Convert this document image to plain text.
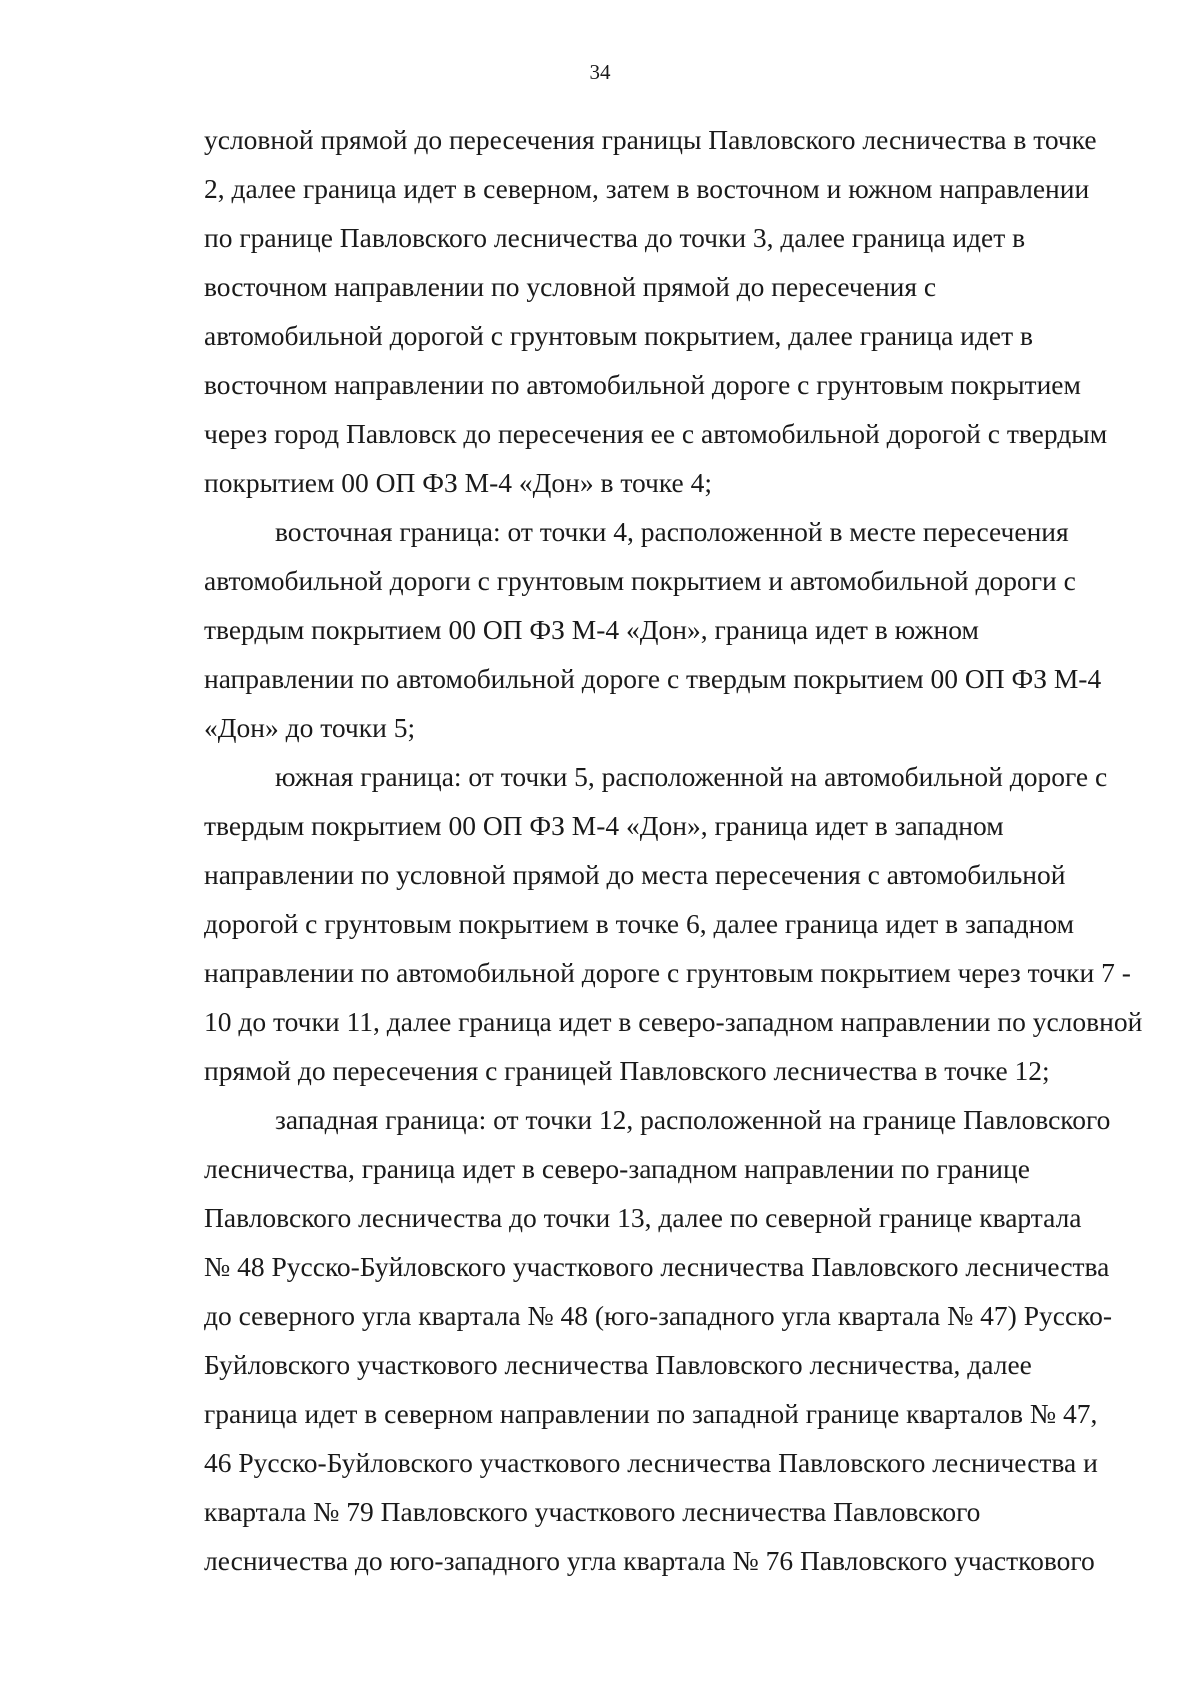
34

условной прямой до пересечения границы Павловского лесничества в точке
2, далее граница идет в северном, затем в восточном и южном направлении
по границе Павловского лесничества до точки 3, далее граница идет в
восточном направлении по условной прямой до пересечения с
автомобильной дорогой с грунтовым покрытием, далее граница идет в
восточном направлении по автомобильной дороге с грунтовым покрытием
через город Павловск до пересечения ее с автомобильной дорогой с твердым
покрытием 00 ОП ФЗ М-4 «Дон» в точке 4;

восточная граница: от точки 4, расположенной в месте пересечения
автомобильной дороги с грунтовым покрытием и автомобильной дороги с
твердым покрытием 00 ОП ФЗ М-4 «Дон», граница идет в южном
направлении по автомобильной дороге с твердым покрытием 00 ОП ФЗ М-4
«Дон» до точки 5;

южная граница: от точки 5, расположенной на автомобильной дороге с
твердым покрытием 00 ОП ФЗ М-4 «Дон», граница идет в западном
направлении по условной прямой до места пересечения с автомобильной
дорогой с грунтовым покрытием в точке 6, далее граница идет в западном
направлении по автомобильной дороге с грунтовым покрытием через точки 7 -
10 до точки 11, далее граница идет в северо-западном направлении по условной
прямой до пересечения с границей Павловского лесничества в точке 12;

западная граница: от точки 12, расположенной на границе Павловского
лесничества, граница идет в северо-западном направлении по границе
Павловского лесничества до точки 13, далее по северной границе квартала
№ 48 Русско-Буйловского участкового лесничества Павловского лесничества
до северного угла квартала № 48 (юго-западного угла квартала № 47) Русско-
Буйловского участкового лесничества Павловского лесничества, далее
граница идет в северном направлении по западной границе кварталов № 47,
46 Русско-Буйловского участкового лесничества Павловского лесничества и
квартала № 79 Павловского участкового лесничества Павловского
лесничества до юго-западного угла квартала № 76 Павловского участкового
